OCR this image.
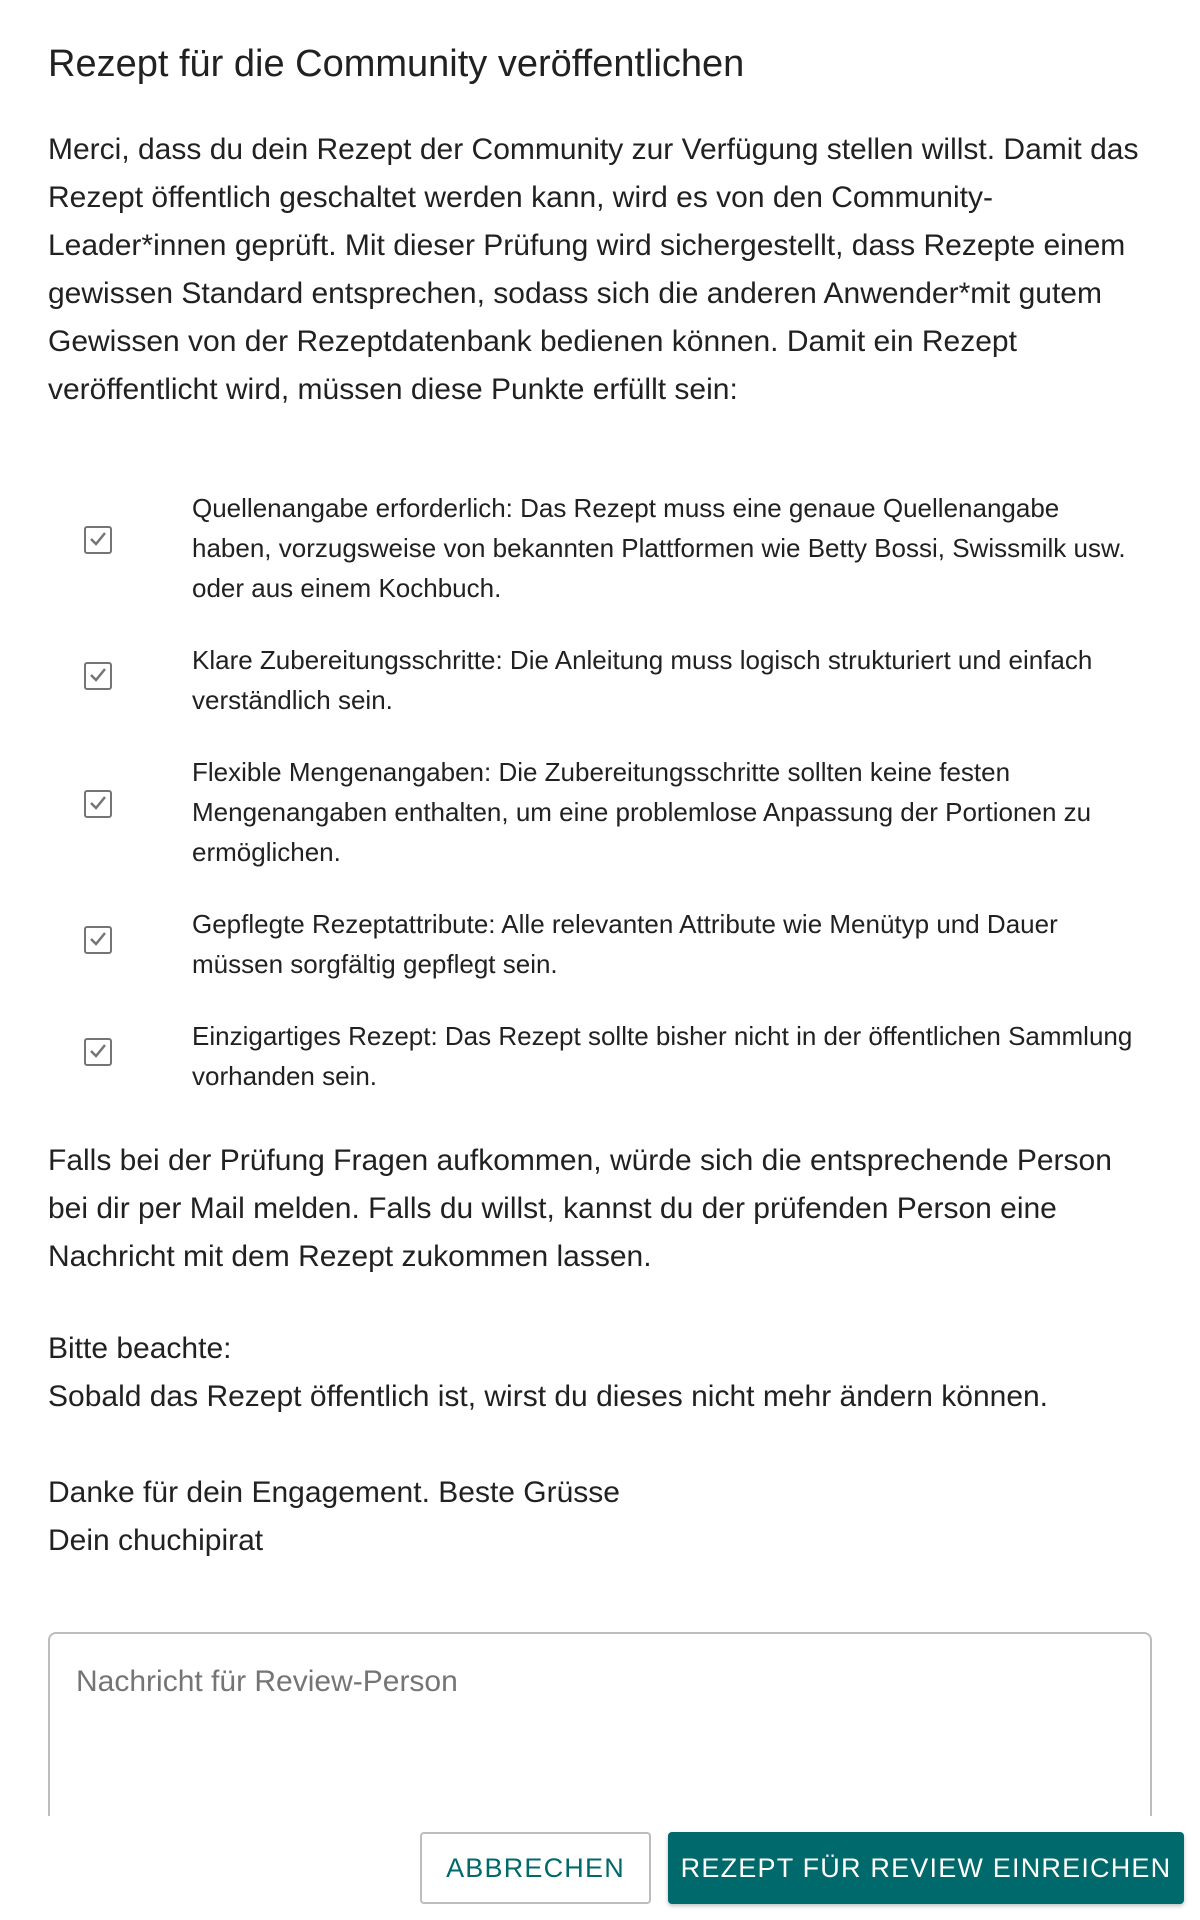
Rezept für die Community veröffentlichen

Merci, dass du dein Rezept der Community zur Verfügung stellen willst. Damit das Rezept öffentlich geschaltet werden kann, wird es von den Community-Leader*innen geprüft. Mit dieser Prüfung wird sichergestellt, dass Rezepte einem gewissen Standard entsprechen, sodass sich die anderen Anwender*mit gutem Gewissen von der Rezeptdatenbank bedienen können. Damit ein Rezept veröffentlicht wird, müssen diese Punkte erfüllt sein:

Quellenangabe erforderlich: Das Rezept muss eine genaue Quellenangabe haben, vorzugsweise von bekannten Plattformen wie Betty Bossi, Swissmilk usw. oder aus einem Kochbuch.
Klare Zubereitungsschritte: Die Anleitung muss logisch strukturiert und einfach verständlich sein.
Flexible Mengenangaben: Die Zubereitungsschritte sollten keine festen Mengenangaben enthalten, um eine problemlose Anpassung der Portionen zu ermöglichen.
Gepflegte Rezeptattribute: Alle relevanten Attribute wie Menütyp und Dauer müssen sorgfältig gepflegt sein.
Einzigartiges Rezept: Das Rezept sollte bisher nicht in der öffentlichen Sammlung vorhanden sein.

Falls bei der Prüfung Fragen aufkommen, würde sich die entsprechende Person bei dir per Mail melden. Falls du willst, kannst du der prüfenden Person eine Nachricht mit dem Rezept zukommen lassen.

Bitte beachte:

Sobald das Rezept öffentlich ist, wirst du dieses nicht mehr ändern können.

Danke für dein Engagement. Beste Grüsse

Dein chuchipirat

Nachricht für Review-Person
ABBRECHEN	REZEPT FÜR REVIEW EINREICHEN
